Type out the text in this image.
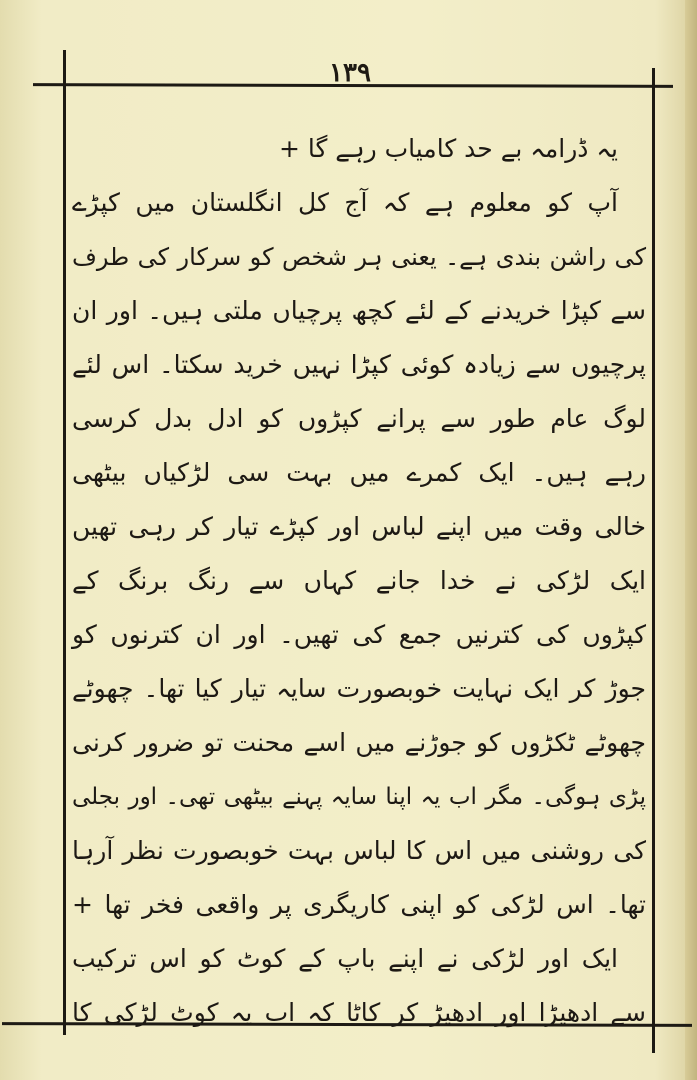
۱۳۹
یہ ڈرامہ بے حد کامیاب رہے گا +
آپ کو معلوم ہے کہ آج کل انگلستان میں کپڑے
کی راشن بندی ہے۔ یعنی ہر شخص کو سرکار کی طرف
سے کپڑا خریدنے کے لئے کچھ پرچیاں ملتی ہیں۔ اور ان
پرچیوں سے زیادہ کوئی کپڑا نہیں خرید سکتا۔ اس لئے
لوگ عام طور سے پرانے کپڑوں کو ادل بدل کرسی
رہے ہیں۔ ایک کمرے میں بہت سی لڑکیاں بیٹھی
خالی وقت میں اپنے لباس اور کپڑے تیار کر رہی تھیں
ایک لڑکی نے خدا جانے کہاں سے رنگ برنگ کے
کپڑوں کی کترنیں جمع کی تھیں۔ اور ان کترنوں کو
جوڑ کر ایک نہایت خوبصورت سایہ تیار کیا تھا۔ چھوٹے
چھوٹے ٹکڑوں کو جوڑنے میں اسے محنت تو ضرور کرنی
پڑی ہوگی۔ مگر اب یہ اپنا سایہ پہنے بیٹھی تھی۔ اور بجلی
کی روشنی میں اس کا لباس بہت خوبصورت نظر آرہا
تھا۔ اس لڑکی کو اپنی کاریگری پر واقعی فخر تھا +
ایک اور لڑکی نے اپنے باپ کے کوٹ کو اس ترکیب
سے ادھیڑا اور ادھیڑ کر کاٹا کہ اب یہ کوٹ لڑکی کا
